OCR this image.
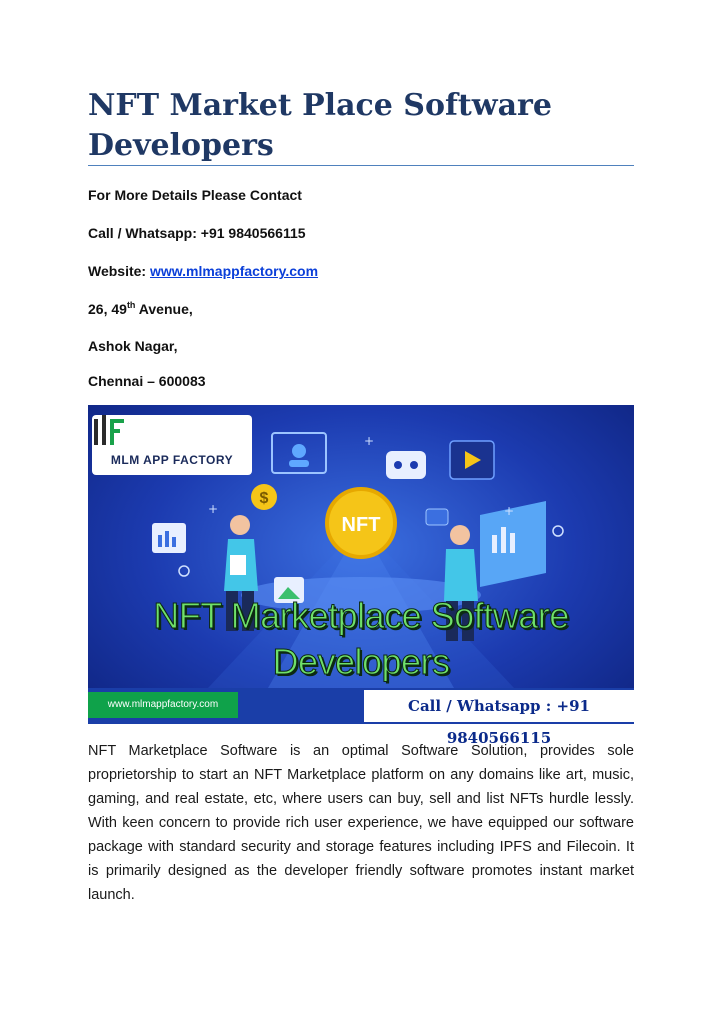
NFT Market Place Software Developers
For More Details Please Contact
Call / Whatsapp: +91 9840566115
Website: www.mlmappfactory.com
26, 49th Avenue,
Ashok Nagar,
Chennai – 600083
$
NFT
+
+	+
MLM APP FACTORY
NFT Marketplace Software
Developers
www.mlmappfactory.com	Call / Whatsapp : +91 9840566115

NFT Marketplace Software is an optimal Software Solution, provides sole proprietorship to start an NFT Marketplace platform on any domains like art, music, gaming, and real estate, etc, where users can buy, sell and list NFTs hurdle lessly. With keen concern to provide rich user experience, we have equipped our software package with standard security and storage features including IPFS and Filecoin. It is primarily designed as the developer friendly software promotes instant market launch.
